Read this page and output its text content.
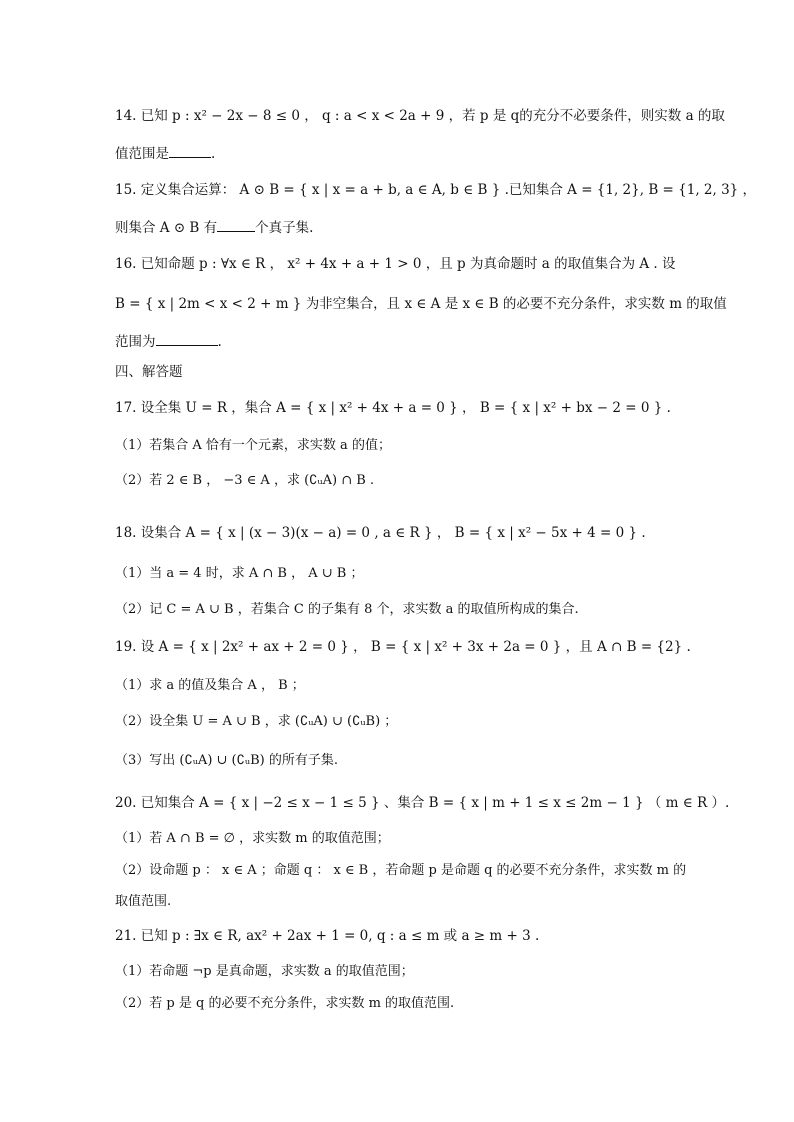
14. 已知 p : x² − 2x − 8 ≤ 0 ， q : a < x < 2a + 9 ，若 p 是 q的充分不必要条件，则实数 a 的取
值范围是	.
15. 定义集合运算： A ⊙ B = { x | x = a + b, a ∈ A, b ∈ B } .已知集合 A = {1, 2}, B = {1, 2, 3} ，
则集合 A ⊙ B 有	个真子集.
16. 已知命题 p : ∀x ∈ R ， x² + 4x + a + 1 > 0 ，且 p 为真命题时 a 的取值集合为 A . 设
B = { x | 2m < x < 2 + m } 为非空集合，且 x ∈ A 是 x ∈ B 的必要不充分条件，求实数 m 的取值
范围为	.
四、解答题
17. 设全集 U = R ，集合 A = { x | x² + 4x + a = 0 } ， B = { x | x² + bx − 2 = 0 } .
（1）若集合 A 恰有一个元素，求实数 a 的值；
（2）若 2 ∈ B ， −3 ∈ A ，求 (∁ᵤA) ∩ B .
18. 设集合 A = { x | (x − 3)(x − a) = 0 , a ∈ R } ， B = { x | x² − 5x + 4 = 0 } .
（1）当 a = 4 时，求 A ∩ B ， A ∪ B ；
（2）记 C = A ∪ B ，若集合 C 的子集有 8 个，求实数 a 的取值所构成的集合.
19. 设 A = { x | 2x² + ax + 2 = 0 } ， B = { x | x² + 3x + 2a = 0 } ，且 A ∩ B = {2} .
（1）求 a 的值及集合 A ， B ；
（2）设全集 U = A ∪ B ，求 (∁ᵤA) ∪ (∁ᵤB) ；
（3）写出 (∁ᵤA) ∪ (∁ᵤB) 的所有子集.
20. 已知集合 A = { x | −2 ≤ x − 1 ≤ 5 } 、集合 B = { x | m + 1 ≤ x ≤ 2m − 1 } （ m ∈ R ）.
（1）若 A ∩ B = ∅ ，求实数 m 的取值范围；
（2）设命题 p ： x ∈ A ；命题 q ： x ∈ B ，若命题 p 是命题 q 的必要不充分条件，求实数 m 的
取值范围.
21. 已知 p : ∃x ∈ R, ax² + 2ax + 1 = 0, q : a ≤ m 或 a ≥ m + 3 .
（1）若命题 ¬p 是真命题，求实数 a 的取值范围；
（2）若 p 是 q 的必要不充分条件，求实数 m 的取值范围.
